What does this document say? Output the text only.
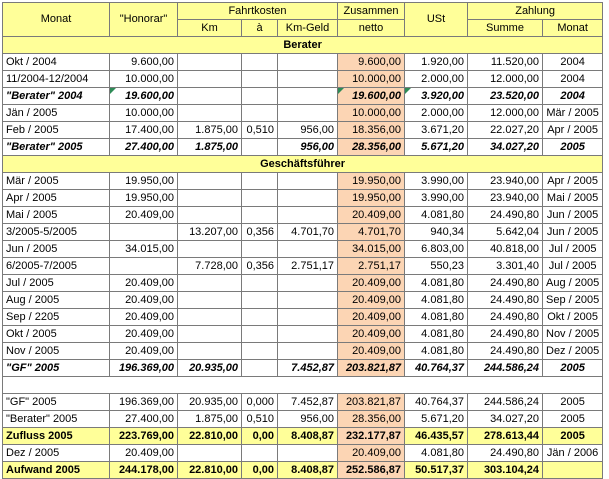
Monat	"Honorar"	Fahrtkosten			Zusammen	USt	Zahlung	
		Km	à	Km-Geld	netto		Summe	Monat
Berater								
Okt / 2004	9.600,00				9.600,00	1.920,00	11.520,00	2004
11/2004-12/2004	10.000,00				10.000,00	2.000,00	12.000,00	2004
"Berater" 2004	19.600,00				19.600,00	3.920,00	23.520,00	2004
Jän / 2005	10.000,00				10.000,00	2.000,00	12.000,00	Mär / 2005
Feb / 2005	17.400,00	1.875,00	0,510	956,00	18.356,00	3.671,20	22.027,20	Apr / 2005
"Berater" 2005	27.400,00	1.875,00		956,00	28.356,00	5.671,20	34.027,20	2005
Geschäftsführer								
Mär / 2005	19.950,00				19.950,00	3.990,00	23.940,00	Apr / 2005
Apr / 2005	19.950,00				19.950,00	3.990,00	23.940,00	Mai / 2005
Mai / 2005	20.409,00				20.409,00	4.081,80	24.490,80	Jun / 2005
3/2005-5/2005		13.207,00	0,356	4.701,70	4.701,70	940,34	5.642,04	Jun / 2005
Jun / 2005	34.015,00				34.015,00	6.803,00	40.818,00	Jul / 2005
6/2005-7/2005		7.728,00	0,356	2.751,17	2.751,17	550,23	3.301,40	Jul / 2005
Jul / 2005	20.409,00				20.409,00	4.081,80	24.490,80	Aug / 2005
Aug / 2005	20.409,00				20.409,00	4.081,80	24.490,80	Sep / 2005
Sep / 2205	20.409,00				20.409,00	4.081,80	24.490,80	Okt / 2005
Okt / 2005	20.409,00				20.409,00	4.081,80	24.490,80	Nov / 2005
Nov / 2005	20.409,00				20.409,00	4.081,80	24.490,80	Dez / 2005
"GF" 2005	196.369,00	20.935,00		7.452,87	203.821,87	40.764,37	244.586,24	2005

"GF" 2005	196.369,00	20.935,00	0,000	7.452,87	203.821,87	40.764,37	244.586,24	2005
"Berater" 2005	27.400,00	1.875,00	0,510	956,00	28.356,00	5.671,20	34.027,20	2005
Zufluss 2005	223.769,00	22.810,00	0,00	8.408,87	232.177,87	46.435,57	278.613,44	2005
Dez / 2005	20.409,00				20.409,00	4.081,80	24.490,80	Jän / 2006
Aufwand 2005	244.178,00	22.810,00	0,00	8.408,87	252.586,87	50.517,37	303.104,24	
